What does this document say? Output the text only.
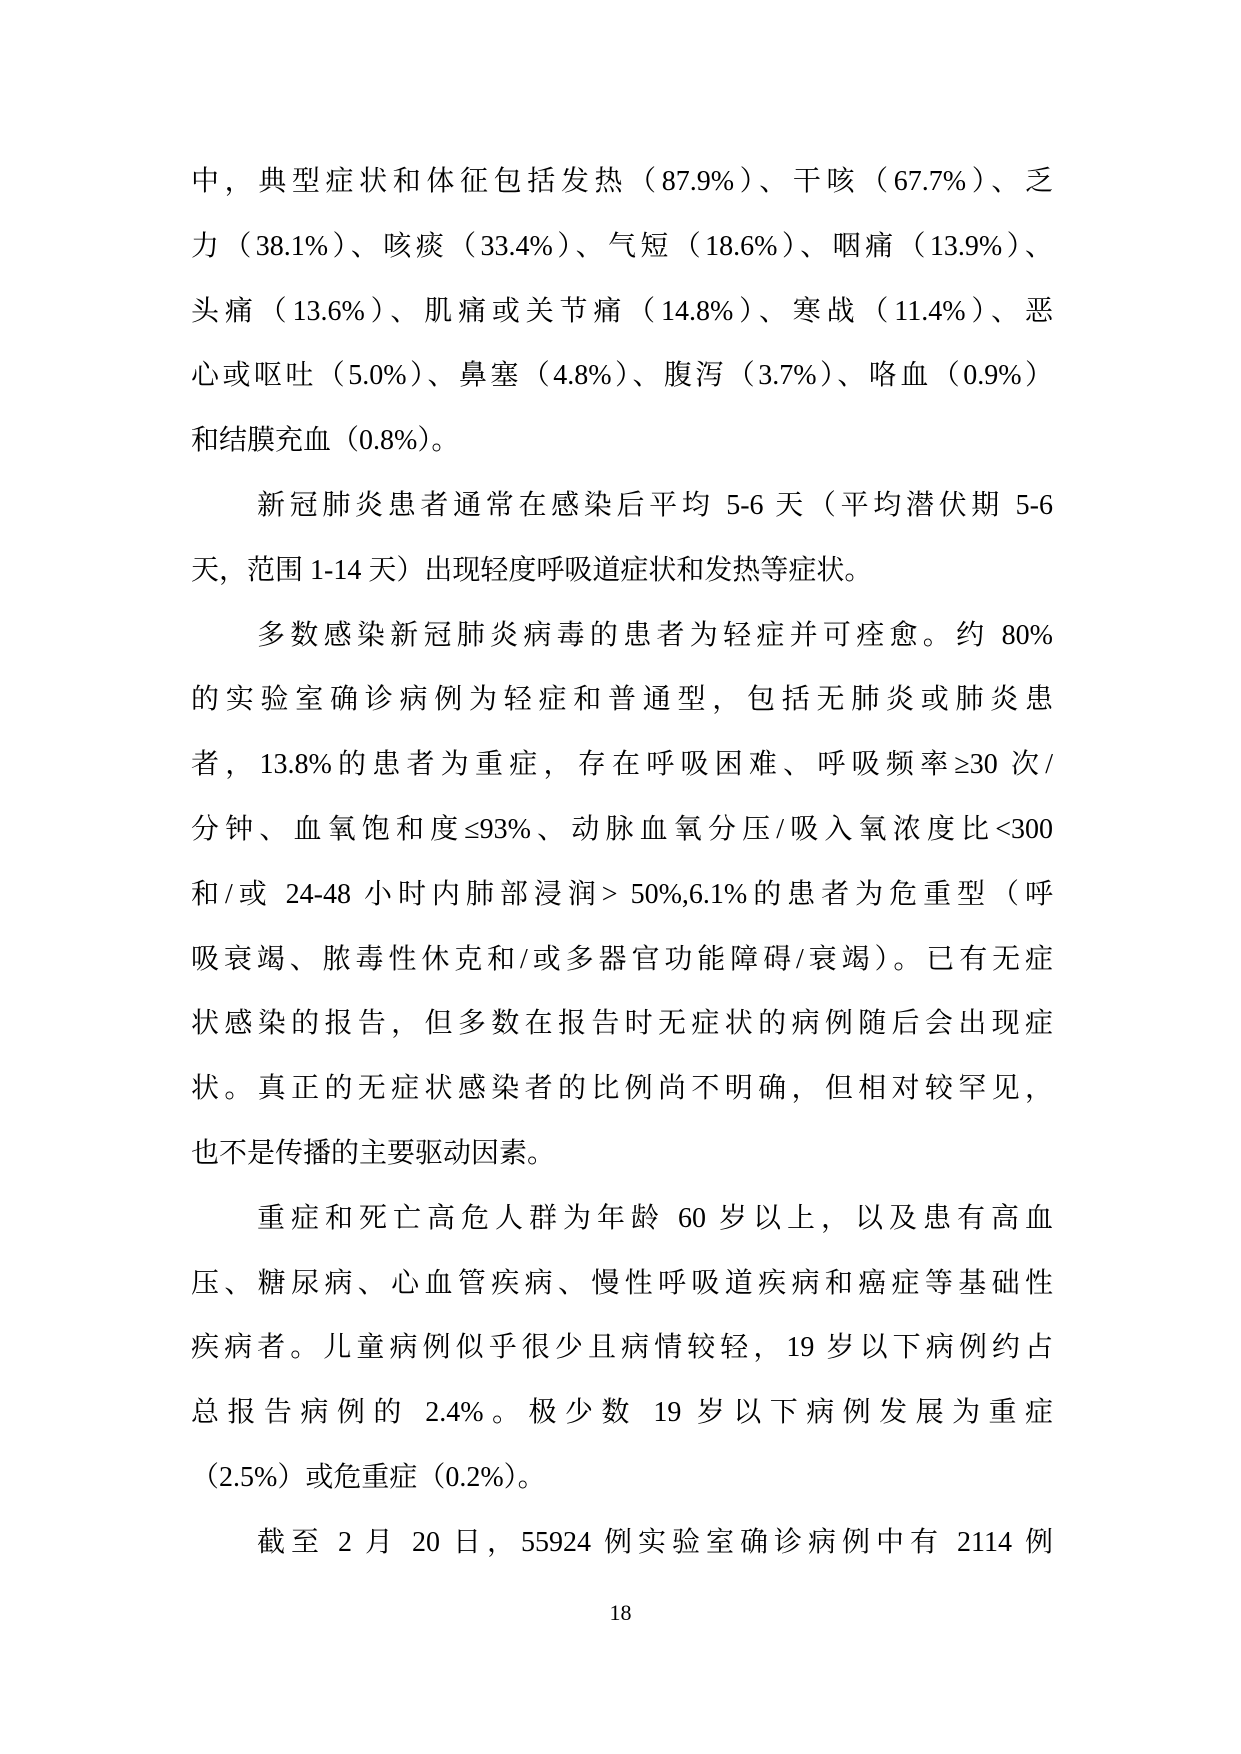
中，典型症状和体征包括发热（87.9%）、干咳（67.7%）、乏
力（38.1%）、咳痰（33.4%）、气短（18.6%）、咽痛（13.9%）、
头痛（13.6%）、肌痛或关节痛（14.8%）、寒战（11.4%）、恶
心或呕吐（5.0%）、鼻塞（4.8%）、腹泻（3.7%）、咯血（0.9%）
和结膜充血（0.8%）。
新冠肺炎患者通常在感染后平均 5-6 天（平均潜伏期 5-6
天，范围 1-14 天）出现轻度呼吸道症状和发热等症状。
多数感染新冠肺炎病毒的患者为轻症并可痊愈。约 80%
的实验室确诊病例为轻症和普通型，包括无肺炎或肺炎患
者，13.8%的患者为重症，存在呼吸困难、呼吸频率≥30 次/
分钟、血氧饱和度≤93%、动脉血氧分压/吸入氧浓度比<300
和/或 24-48 小时内肺部浸润> 50%,6.1%的患者为危重型（呼
吸衰竭、脓毒性休克和/或多器官功能障碍/衰竭）。已有无症
状感染的报告，但多数在报告时无症状的病例随后会出现症
状。真正的无症状感染者的比例尚不明确，但相对较罕见，
也不是传播的主要驱动因素。
重症和死亡高危人群为年龄 60 岁以上，以及患有高血
压、糖尿病、心血管疾病、慢性呼吸道疾病和癌症等基础性
疾病者。儿童病例似乎很少且病情较轻，19 岁以下病例约占
总报告病例的 2.4%。极少数 19 岁以下病例发展为重症
（2.5%）或危重症（0.2%）。
截至 2 月 20 日，55924 例实验室确诊病例中有 2114 例
18
